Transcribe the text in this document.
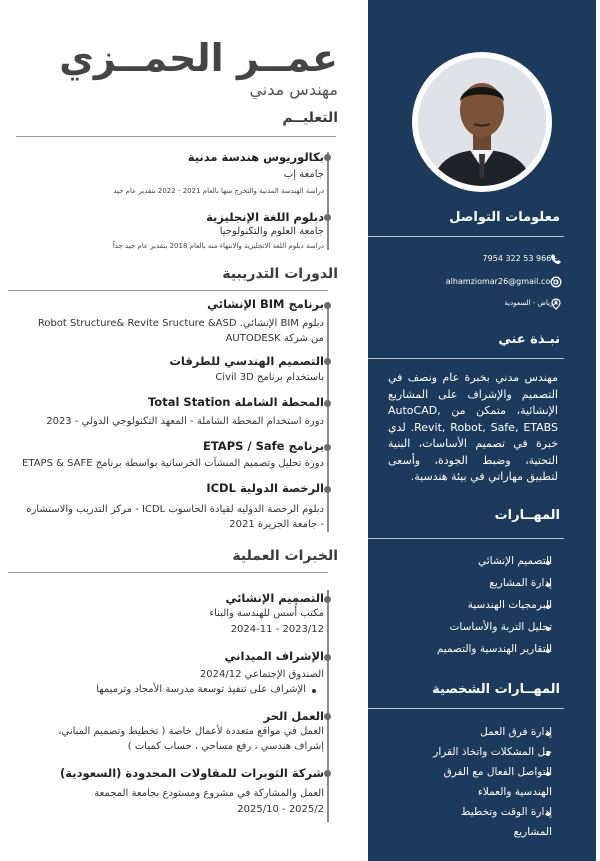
عمــر الحمــزي
مهندس مدني
التعليــم
بكالوريوس هندسة مدنية
جامعة إب
دراسة الهندسة المدنية والتخرج منها بالعام 2021 - 2022 بتقدير عام جيد
دبلوم اللغة الإنجليزية
جامعة العلوم والتكنولوجيا
دراسة دبلوم اللغة الانجليزية والانتهاء منه بالعام 2018 بتقدير عام جيد جداً
الدورات التدريبية
برنامج BIM الإنشائي
دبلوم BIM الإنشائي. Robot Structure& Revite Sructure &ASD
من شركة AUTODESK
التصميم الهندسي للطرقات
باستخدام برنامج Civil 3D
المحطة الشاملة Total Station
دورة استخدام المحطة الشاملة - المعهد التكنولوجي الدولي - 2023
برنامج ETAPS / Safe
دورة تحليل وتصميم المنشآت الخرسانية بواسطة برنامج ETAPS & SAFE
الرخصة الدولية ICDL
دبلوم الرخصة الدوليه لقيادة الحاسوب ICDL - مركز التدريب والاستشارة - جامعة الجزيرة 2021
الخبرات العملية
التصميم الإنشائي
مكتب أُسس للهندسة والبناء
2023/12 - 2024-11
الإشراف الميداني
الصندوق الإجتماعي 2024/12
الإشراف على تنفيذ توسعة مدرسة الأمجاد وترميمها
العمل الحر
العمل في مواقع متعددة لأعمال خاصة ( تخطيط وتصميم المباني، إشراف هندسي ، رفع مساحي ، حساب كميات )
شركة الثوبرات للمقاولات المحدودة (السعودية)
العمل والمشاركة في مشروع ومستودع بجامعة المجمعة
2025/2 - 2025/10
معلومات التواصل
+966 53 322 7954
alhamziomar26@gmail.com
الرياض - السعودية
نبـذة عني
مهندس مدني بخبرة عام ونصف في التصميم والإشراف على المشاريع الإنشائية، متمكن من AutoCAD, Revit, Robot, Safe, ETABS. لدي خبرة في تصميم الأساسات، البنية التحتية، وضبط الجودة، وأسعى لتطبيق مهاراتي في بيئة هندسية.
المهــارات
التصميم الإنشائي
إدارة المشاريع
البرمجيات الهندسية
تحليل التربة والأساسات
التقارير الهندسية والتصميم
المهــارات الشخصية
إدارة فرق العمل
حل المشكلات واتخاذ القرار
التواصل الفعال مع الفرق
الهندسية والعملاء
إدارة الوقت وتخطيط
المشاريع
